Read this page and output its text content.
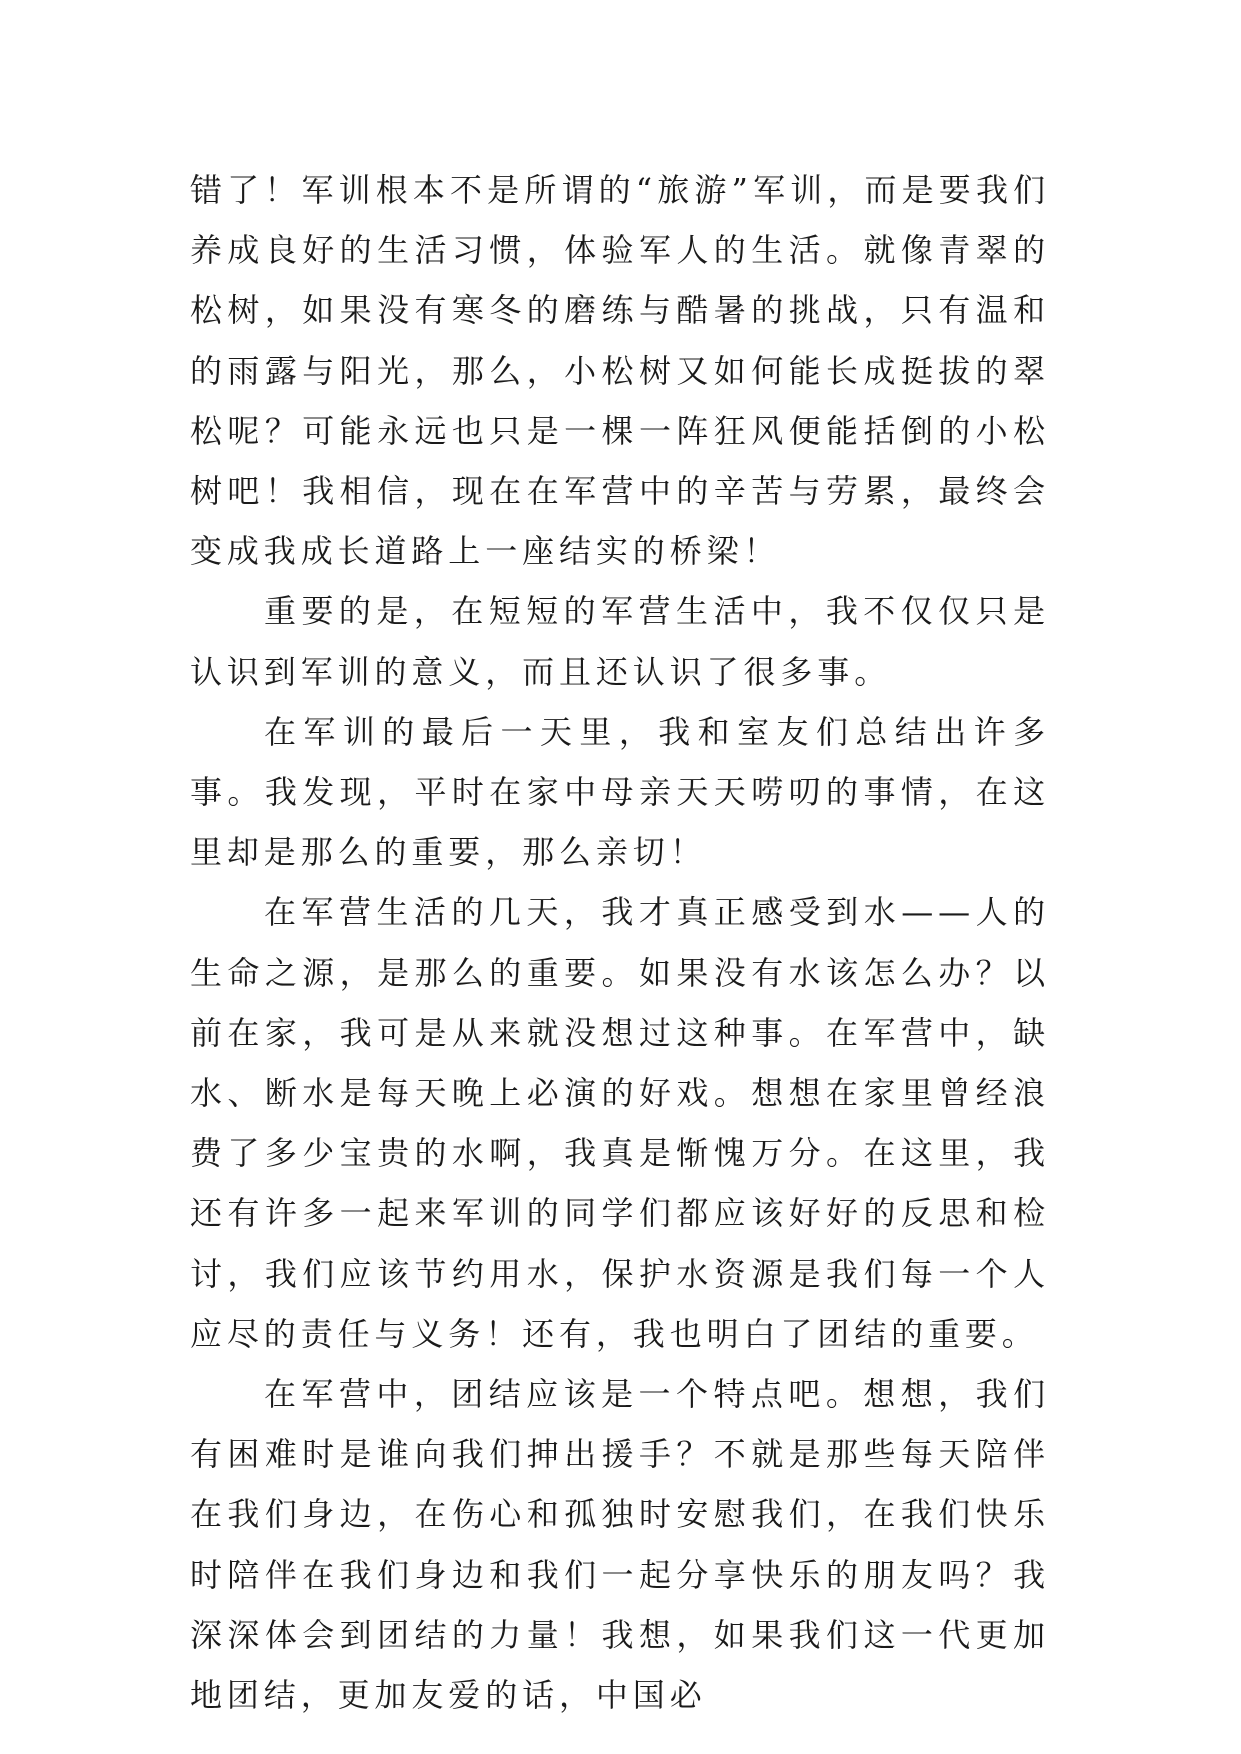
错了！军训根本不是所谓的“旅游”军训，而是要我们养成良好的生活习惯，体验军人的生活。就像青翠的松树，如果没有寒冬的磨练与酷暑的挑战，只有温和的雨露与阳光，那么，小松树又如何能长成挺拔的翠松呢？可能永远也只是一棵一阵狂风便能括倒的小松树吧！我相信，现在在军营中的辛苦与劳累，最终会变成我成长道路上一座结实的桥梁！

重要的是，在短短的军营生活中，我不仅仅只是认识到军训的意义，而且还认识了很多事。

在军训的最后一天里，我和室友们总结出许多事。我发现，平时在家中母亲天天唠叨的事情，在这里却是那么的重要，那么亲切！

在军营生活的几天，我才真正感受到水——人的生命之源，是那么的重要。如果没有水该怎么办？以前在家，我可是从来就没想过这种事。在军营中，缺水、断水是每天晚上必演的好戏。想想在家里曾经浪费了多少宝贵的水啊，我真是惭愧万分。在这里，我还有许多一起来军训的同学们都应该好好的反思和检讨，我们应该节约用水，保护水资源是我们每一个人应尽的责任与义务！还有，我也明白了团结的重要。

在军营中，团结应该是一个特点吧。想想，我们有困难时是谁向我们抻出援手？不就是那些每天陪伴在我们身边，在伤心和孤独时安慰我们，在我们快乐时陪伴在我们身边和我们一起分享快乐的朋友吗？我深深体会到团结的力量！我想，如果我们这一代更加地团结，更加友爱的话，中国必
